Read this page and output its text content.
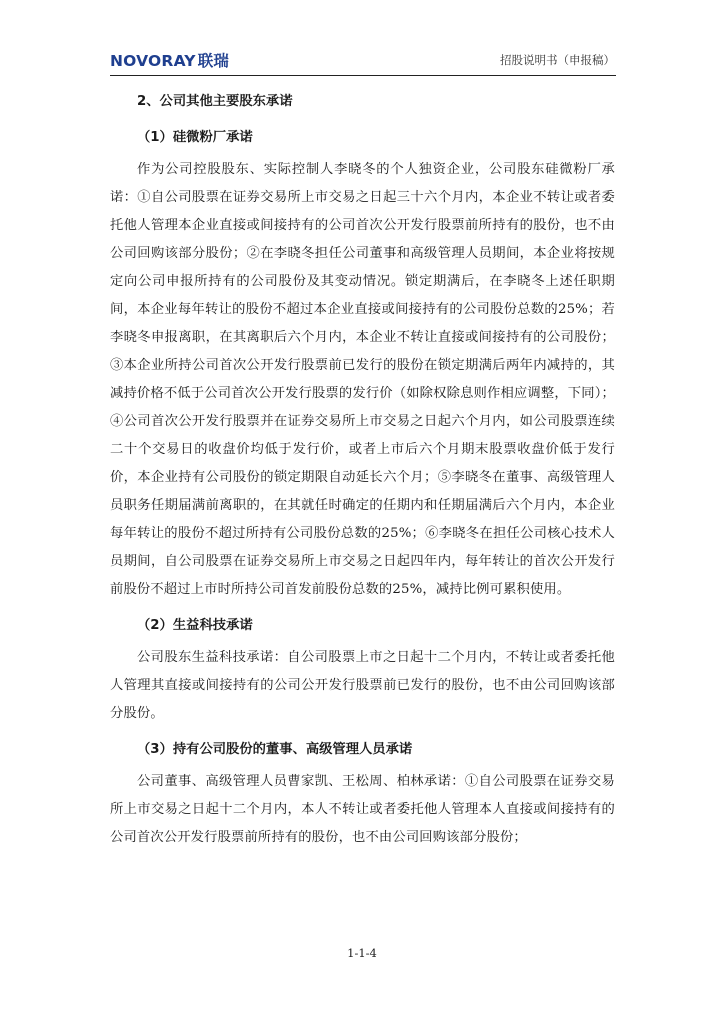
NOVORAY 联瑞	招股说明书（申报稿）

2、公司其他主要股东承诺

（1）硅微粉厂承诺

作为公司控股股东、实际控制人李晓冬的个人独资企业，公司股东硅微粉厂承诺：①自公司股票在证券交易所上市交易之日起三十六个月内，本企业不转让或者委托他人管理本企业直接或间接持有的公司首次公开发行股票前所持有的股份，也不由公司回购该部分股份；②在李晓冬担任公司董事和高级管理人员期间，本企业将按规定向公司申报所持有的公司股份及其变动情况。锁定期满后，在李晓冬上述任职期间，本企业每年转让的股份不超过本企业直接或间接持有的公司股份总数的25%；若李晓冬申报离职，在其离职后六个月内，本企业不转让直接或间接持有的公司股份；③本企业所持公司首次公开发行股票前已发行的股份在锁定期满后两年内减持的，其减持价格不低于公司首次公开发行股票的发行价（如除权除息则作相应调整，下同）；④公司首次公开发行股票并在证券交易所上市交易之日起六个月内，如公司股票连续二十个交易日的收盘价均低于发行价，或者上市后六个月期末股票收盘价低于发行价，本企业持有公司股份的锁定期限自动延长六个月；⑤李晓冬在董事、高级管理人员职务任期届满前离职的，在其就任时确定的任期内和任期届满后六个月内，本企业每年转让的股份不超过所持有公司股份总数的25%；⑥李晓冬在担任公司核心技术人员期间，自公司股票在证券交易所上市交易之日起四年内，每年转让的首次公开发行前股份不超过上市时所持公司首发前股份总数的25%，减持比例可累积使用。

（2）生益科技承诺

公司股东生益科技承诺：自公司股票上市之日起十二个月内，不转让或者委托他人管理其直接或间接持有的公司公开发行股票前已发行的股份，也不由公司回购该部分股份。

（3）持有公司股份的董事、高级管理人员承诺

公司董事、高级管理人员曹家凯、王松周、柏林承诺：①自公司股票在证券交易所上市交易之日起十二个月内，本人不转让或者委托他人管理本人直接或间接持有的公司首次公开发行股票前所持有的股份，也不由公司回购该部分股份；

1-1-4
